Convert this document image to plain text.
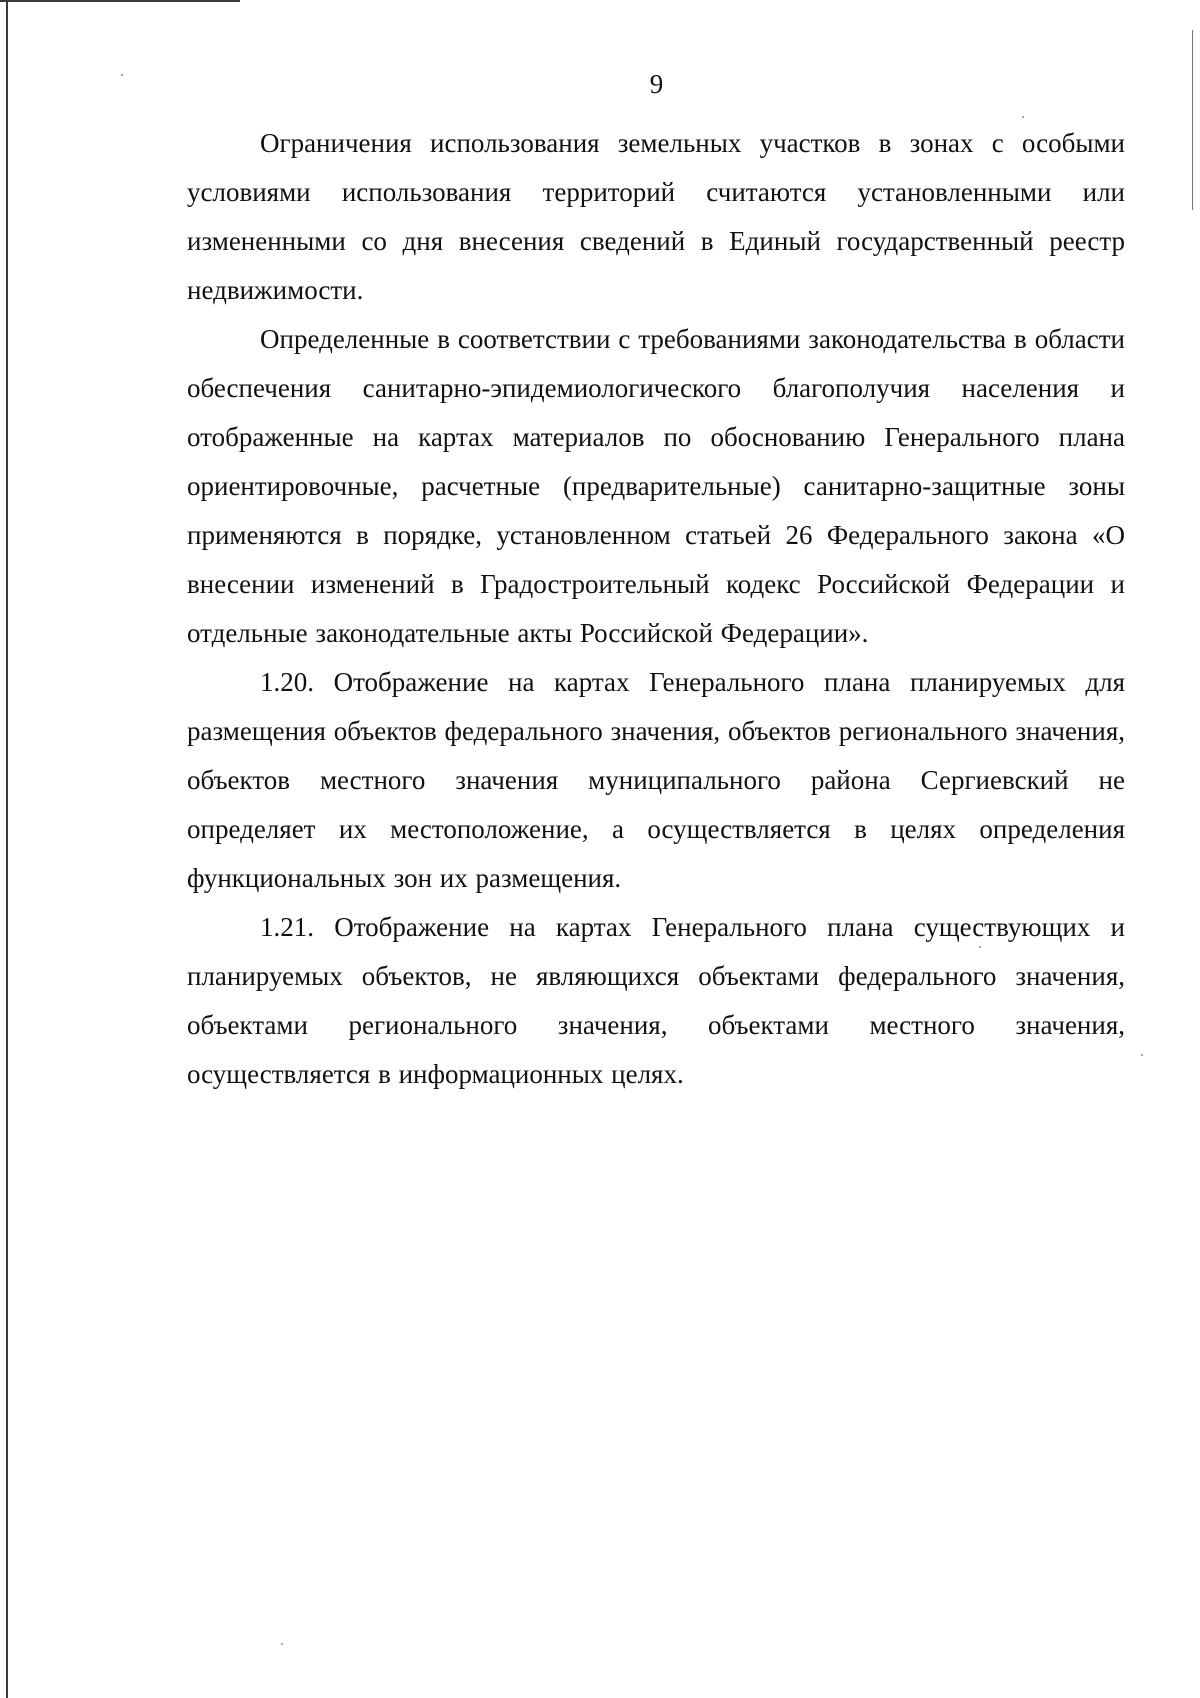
9

Ограничения использования земельных участков в зонах с особыми условиями использования территорий считаются установленными или измененными со дня внесения сведений в Единый государственный реестр недвижимости.

Определенные в соответствии с требованиями законодательства в области обеспечения санитарно-эпидемиологического благополучия населения и отображенные на картах материалов по обоснованию Генерального плана ориентировочные, расчетные (предварительные) санитарно-защитные зоны применяются в порядке, установленном статьей 26 Федерального закона «О внесении изменений в Градостроительный кодекс Российской Федерации и отдельные законодательные акты Российской Федерации».

1.20. Отображение на картах Генерального плана планируемых для размещения объектов федерального значения, объектов регионального значения, объектов местного значения муниципального района Сергиевский не определяет их местоположение, а осуществляется в целях определения функциональных зон их размещения.

1.21. Отображение на картах Генерального плана существующих и планируемых объектов, не являющихся объектами федерального значения, объектами регионального значения, объектами местного значения, осуществляется в информационных целях.
